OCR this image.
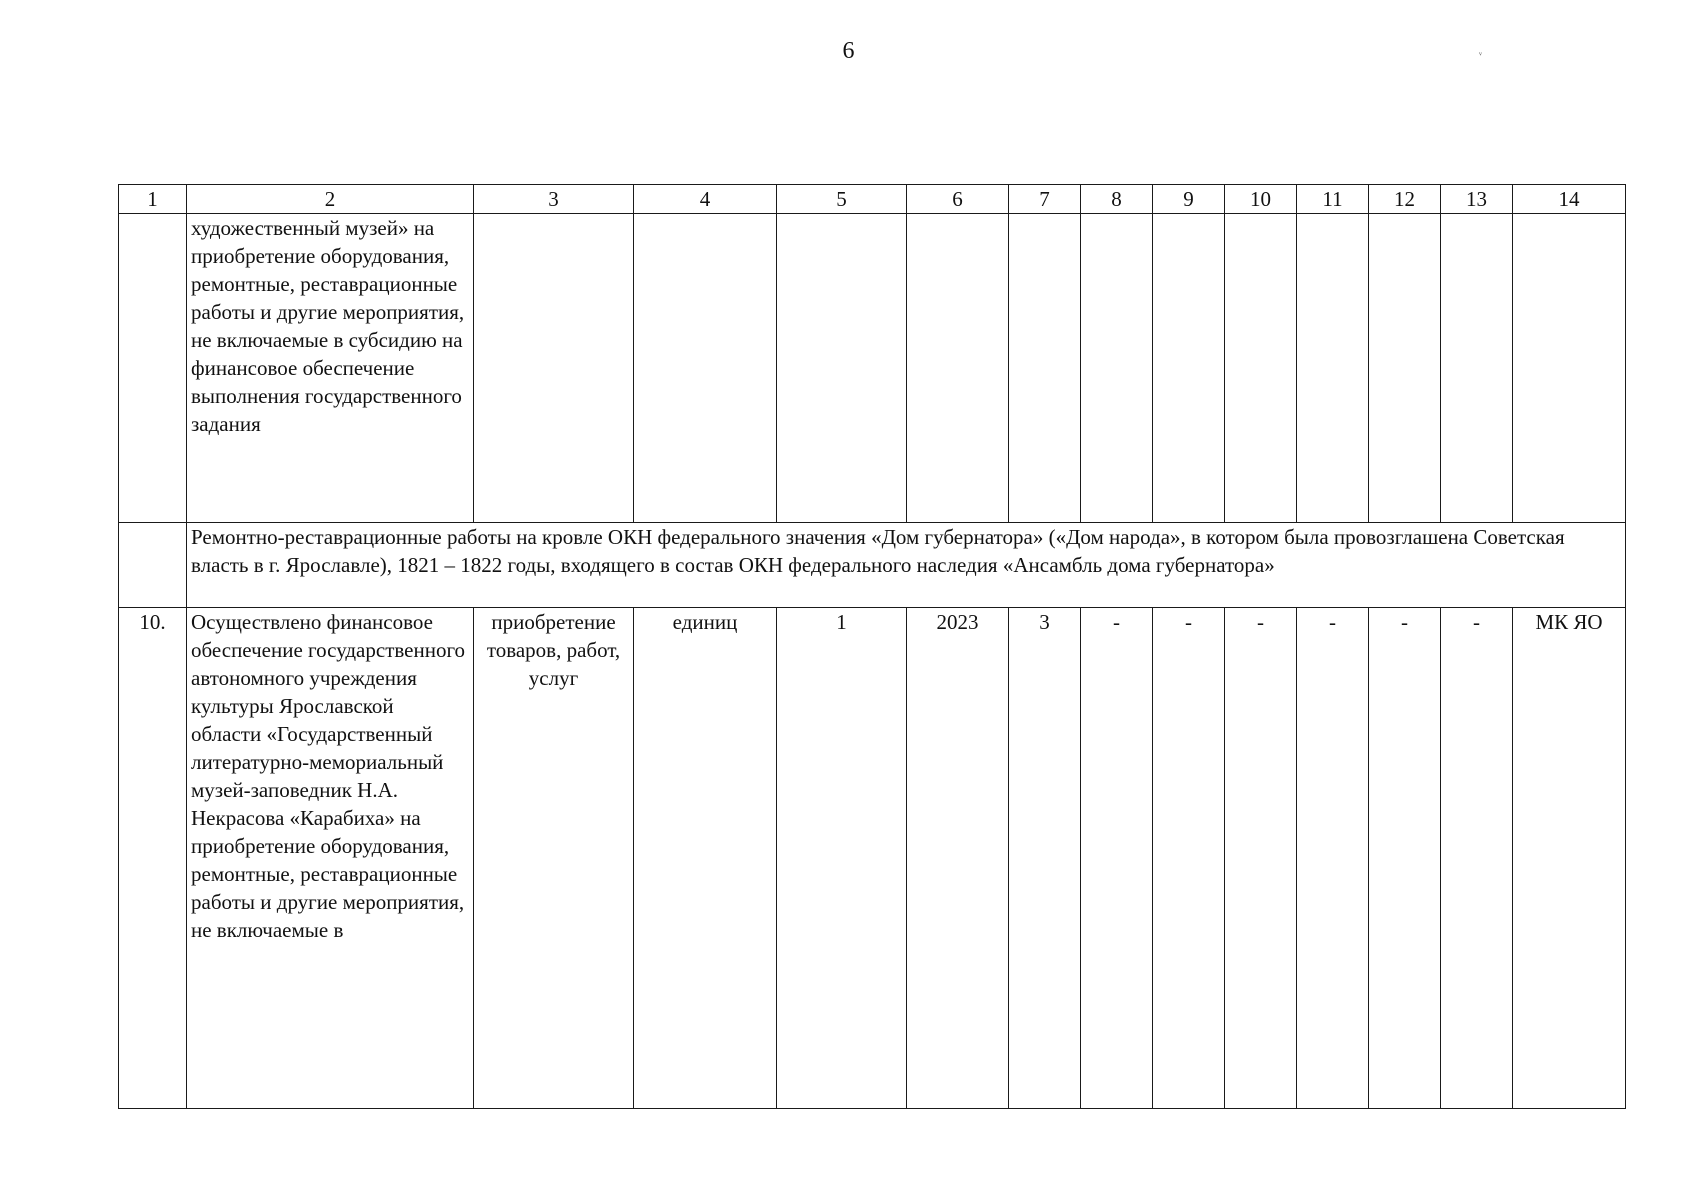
6	ᵛ
1	2	3	4	5	6	7	8	9	10	11	12	13	14
	художественный музей» на приобретение оборудования, ремонтные, реставрационные работы и другие мероприятия, не включаемые в субсидию на финансовое обеспечение выполнения государственного задания												
	Ремонтно-реставрационные работы на кровле ОКН федерального значения «Дом губернатора» («Дом народа», в котором была провозглашена Советская власть в г. Ярославле), 1821 – 1822 годы, входящего в состав ОКН федерального наследия «Ансамбль дома губернатора»												
10.	Осуществлено финансовое обеспечение государственного автономного учреждения культуры Ярославской области «Государственный литературно-мемориальный музей-заповедник Н.А. Некрасова «Карабиха» на приобретение оборудования, ремонтные, реставрационные работы и другие мероприятия, не включаемые в	приобретение товаров, работ, услуг	единиц	1	2023	3	-	-	-	-	-	-	МК ЯО
